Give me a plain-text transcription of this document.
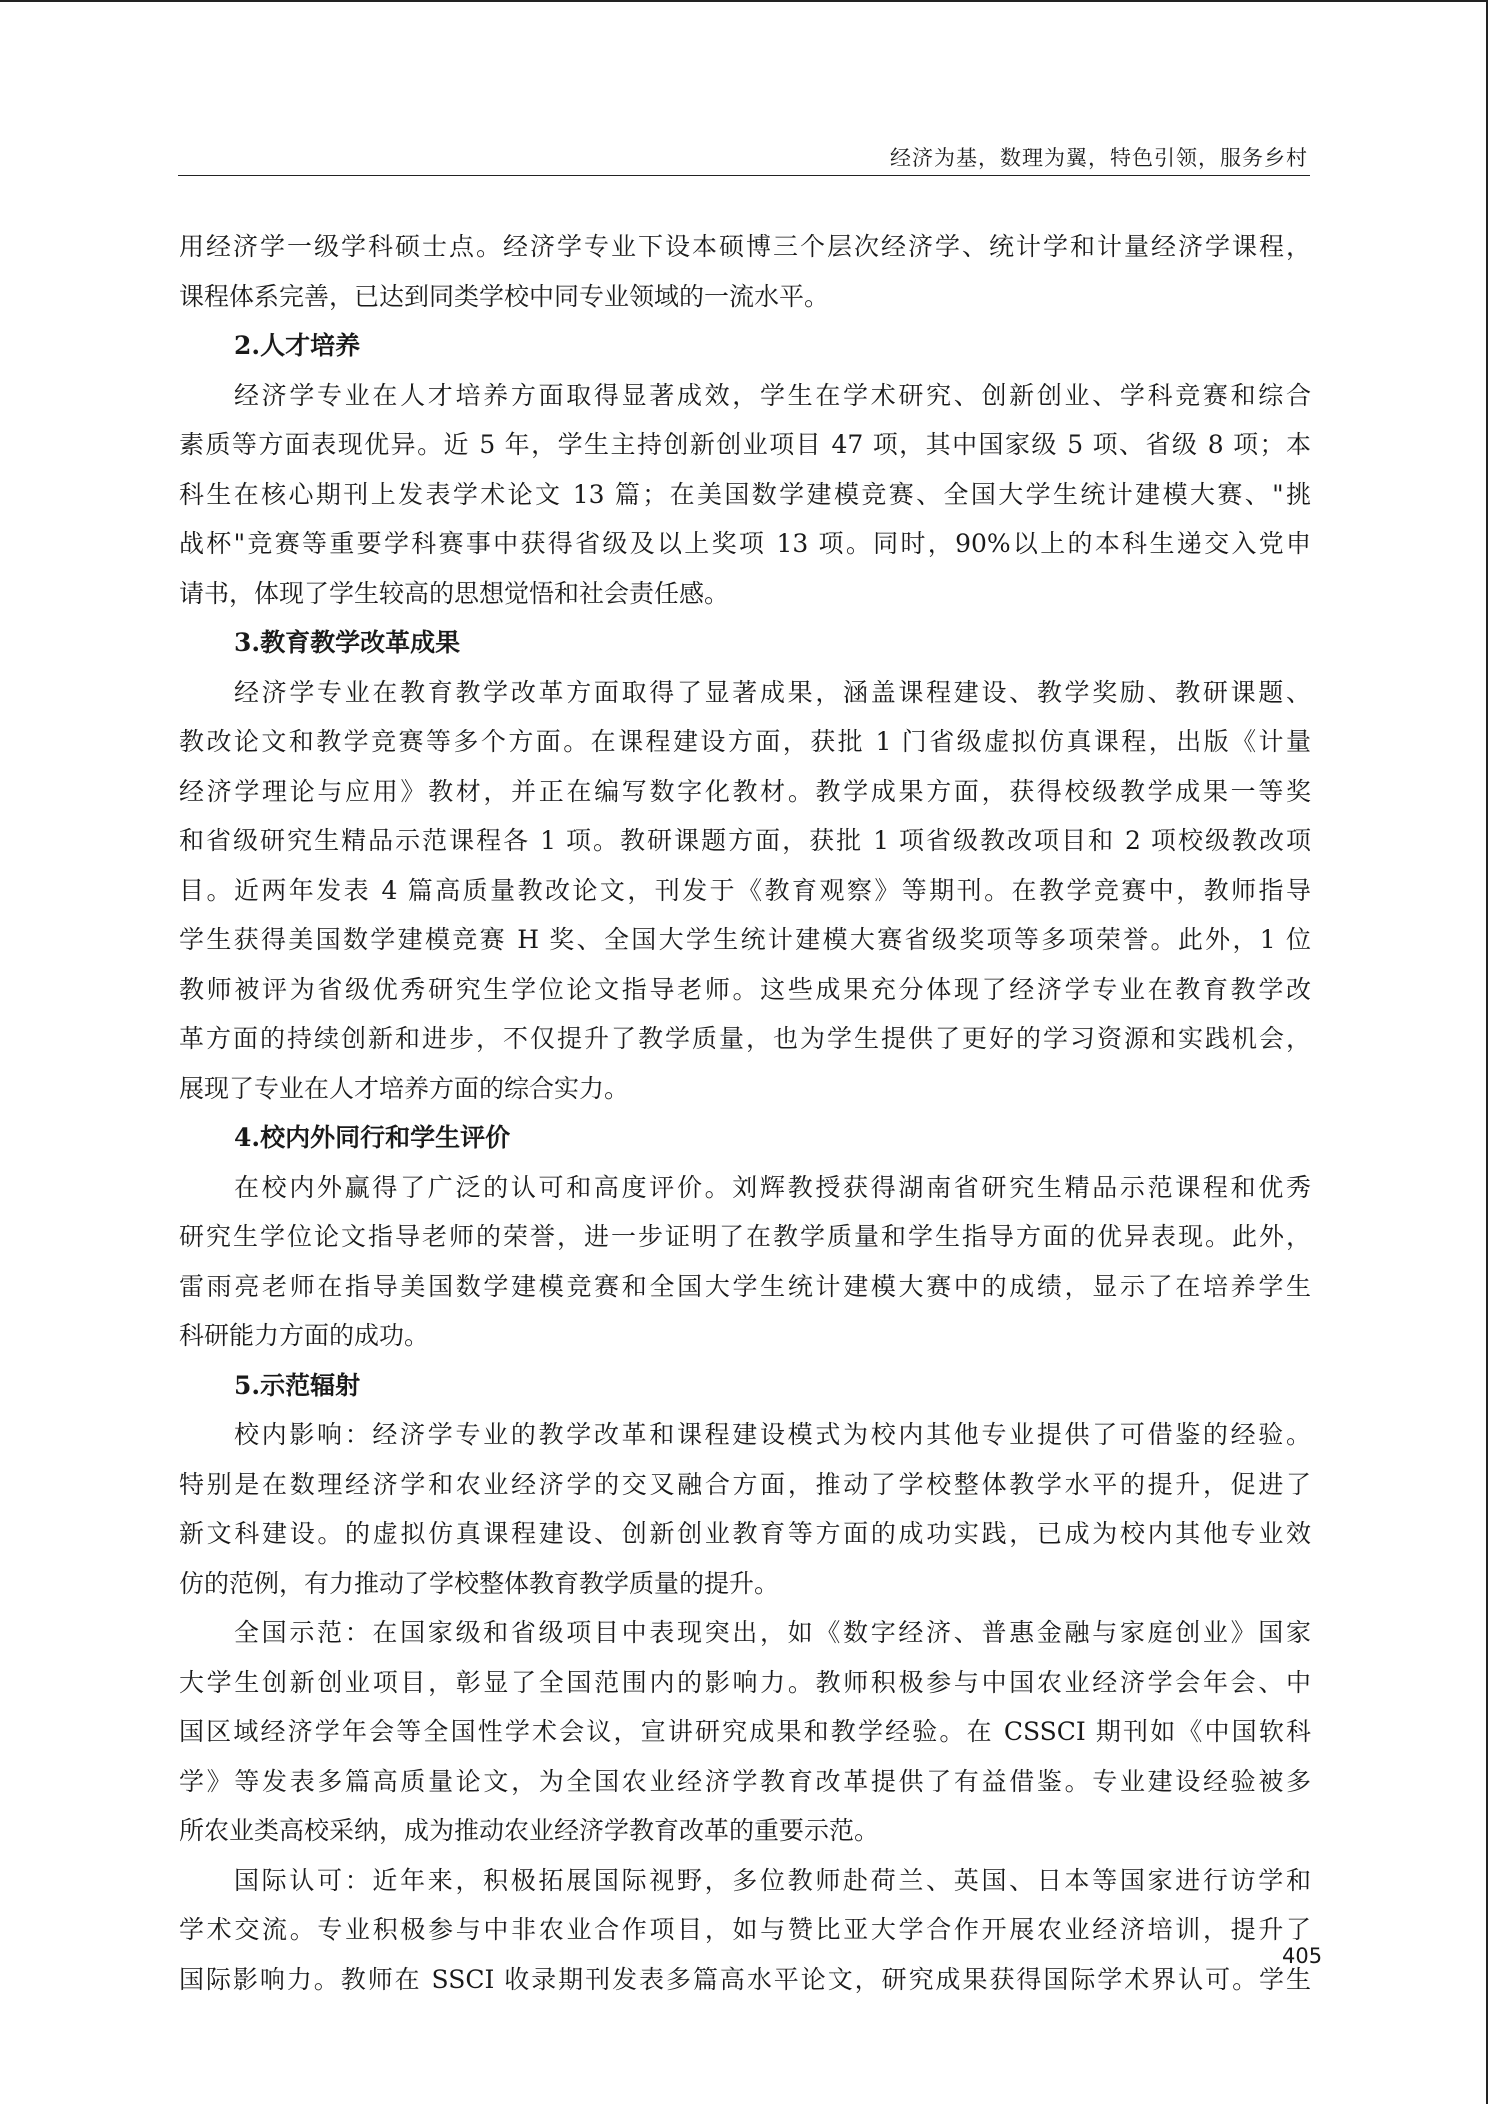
经济为基，数理为翼，特色引领，服务乡村
用经济学一级学科硕士点。经济学专业下设本硕博三个层次经济学、统计学和计量经济学课程，
课程体系完善，已达到同类学校中同专业领域的一流水平。
2.人才培养
经济学专业在人才培养方面取得显著成效，学生在学术研究、创新创业、学科竞赛和综合
素质等方面表现优异。近 5 年，学生主持创新创业项目 47 项，其中国家级 5 项、省级 8 项；本
科生在核心期刊上发表学术论文 13 篇；在美国数学建模竞赛、全国大学生统计建模大赛、"挑
战杯"竞赛等重要学科赛事中获得省级及以上奖项 13 项。同时，90%以上的本科生递交入党申
请书，体现了学生较高的思想觉悟和社会责任感。
3.教育教学改革成果
经济学专业在教育教学改革方面取得了显著成果，涵盖课程建设、教学奖励、教研课题、
教改论文和教学竞赛等多个方面。在课程建设方面，获批 1 门省级虚拟仿真课程，出版《计量
经济学理论与应用》教材，并正在编写数字化教材。教学成果方面，获得校级教学成果一等奖
和省级研究生精品示范课程各 1 项。教研课题方面，获批 1 项省级教改项目和 2 项校级教改项
目。近两年发表 4 篇高质量教改论文，刊发于《教育观察》等期刊。在教学竞赛中，教师指导
学生获得美国数学建模竞赛 H 奖、全国大学生统计建模大赛省级奖项等多项荣誉。此外，1 位
教师被评为省级优秀研究生学位论文指导老师。这些成果充分体现了经济学专业在教育教学改
革方面的持续创新和进步，不仅提升了教学质量，也为学生提供了更好的学习资源和实践机会，
展现了专业在人才培养方面的综合实力。
4.校内外同行和学生评价
在校内外赢得了广泛的认可和高度评价。刘辉教授获得湖南省研究生精品示范课程和优秀
研究生学位论文指导老师的荣誉，进一步证明了在教学质量和学生指导方面的优异表现。此外，
雷雨亮老师在指导美国数学建模竞赛和全国大学生统计建模大赛中的成绩，显示了在培养学生
科研能力方面的成功。
5.示范辐射
校内影响：经济学专业的教学改革和课程建设模式为校内其他专业提供了可借鉴的经验。
特别是在数理经济学和农业经济学的交叉融合方面，推动了学校整体教学水平的提升，促进了
新文科建设。的虚拟仿真课程建设、创新创业教育等方面的成功实践，已成为校内其他专业效
仿的范例，有力推动了学校整体教育教学质量的提升。
全国示范：在国家级和省级项目中表现突出，如《数字经济、普惠金融与家庭创业》国家
大学生创新创业项目，彰显了全国范围内的影响力。教师积极参与中国农业经济学会年会、中
国区域经济学年会等全国性学术会议，宣讲研究成果和教学经验。在 CSSCI 期刊如《中国软科
学》等发表多篇高质量论文，为全国农业经济学教育改革提供了有益借鉴。专业建设经验被多
所农业类高校采纳，成为推动农业经济学教育改革的重要示范。
国际认可：近年来，积极拓展国际视野，多位教师赴荷兰、英国、日本等国家进行访学和
学术交流。专业积极参与中非农业合作项目，如与赞比亚大学合作开展农业经济培训，提升了
国际影响力。教师在 SSCI 收录期刊发表多篇高水平论文，研究成果获得国际学术界认可。学生
405
